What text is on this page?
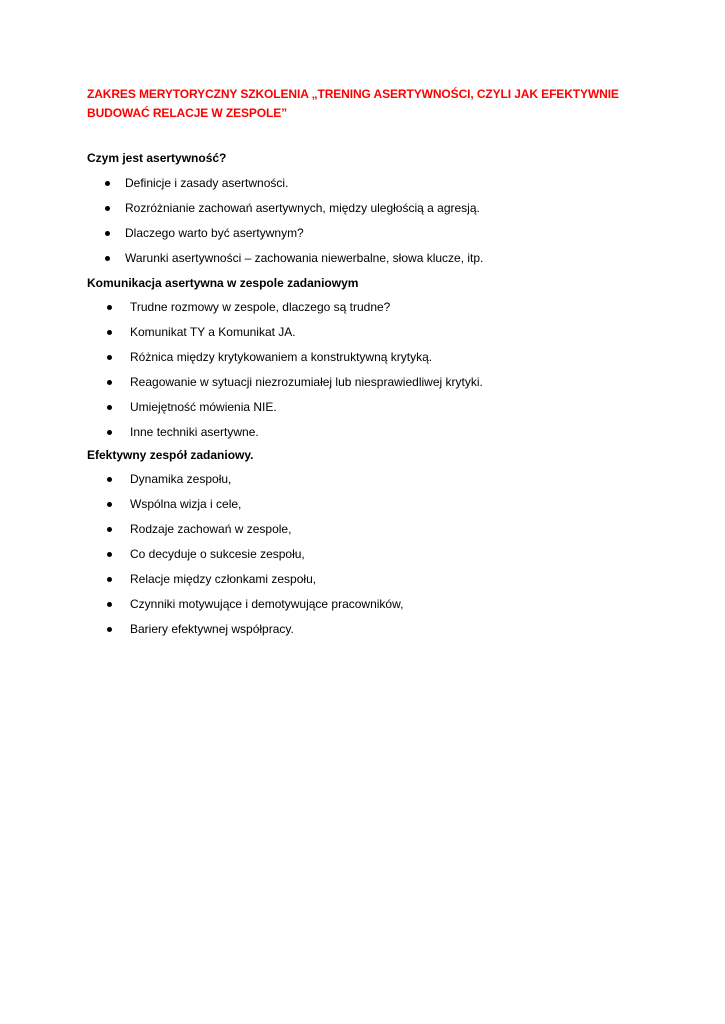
ZAKRES MERYTORYCZNY SZKOLENIA „TRENING ASERTYWNOŚCI, CZYLI JAK EFEKTYWNIE BUDOWAĆ RELACJE W ZESPOLE”

Czym jest asertywność?

Definicje i zasady asertwności.
Rozróżnianie zachowań asertywnych, między uległością a agresją.
Dlaczego warto być asertywnym?
Warunki asertywności – zachowania niewerbalne, słowa klucze, itp.

Komunikacja asertywna w zespole zadaniowym

Trudne rozmowy w zespole, dlaczego są trudne?
Komunikat TY a Komunikat JA.
Różnica między krytykowaniem a konstruktywną krytyką.
Reagowanie w sytuacji niezrozumiałej lub niesprawiedliwej krytyki.
Umiejętność mówienia NIE.
Inne techniki asertywne.

Efektywny zespół zadaniowy.

Dynamika zespołu,
Wspólna wizja i cele,
Rodzaje zachowań w zespole,
Co decyduje o sukcesie zespołu,
Relacje między członkami zespołu,
Czynniki motywujące i demotywujące pracowników,
Bariery efektywnej współpracy.
